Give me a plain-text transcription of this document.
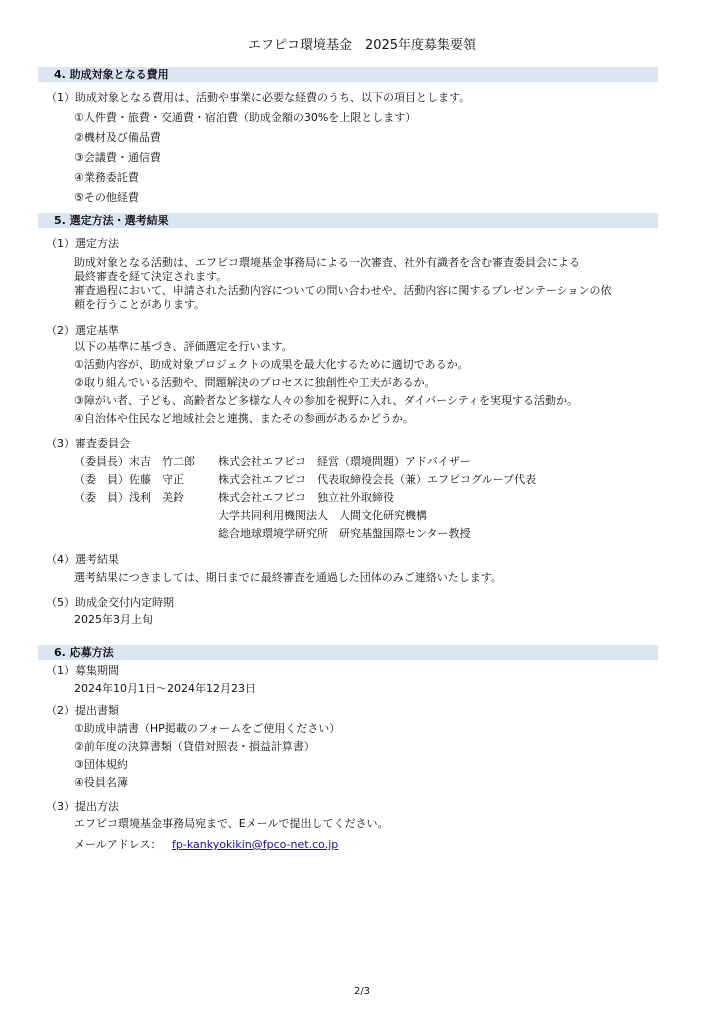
エフピコ環境基金　2025年度募集要領
4. 助成対象となる費用
（1）助成対象となる費用は、活動や事業に必要な経費のうち、以下の項目とします。
①人件費・旅費・交通費・宿泊費（助成金額の30%を上限とします）
②機材及び備品費
③会議費・通信費
④業務委託費
⑤その他経費
5. 選定方法・選考結果
（1）選定方法
助成対象となる活動は、エフピコ環境基金事務局による一次審査、社外有識者を含む審査委員会による
最終審査を経て決定されます。
審査過程において、申請された活動内容についての問い合わせや、活動内容に関するプレゼンテーションの依
頼を行うことがあります。
（2）選定基準
以下の基準に基づき、評価選定を行います。
①活動内容が、助成対象プロジェクトの成果を最大化するために適切であるか。
②取り組んでいる活動や、問題解決のプロセスに独創性や工夫があるか。
③障がい者、子ども、高齢者など多様な人々の参加を視野に入れ、ダイバーシティを実現する活動か。
④自治体や住民など地域社会と連携、またその参画があるかどうか。
（3）審査委員会
（委員長）末吉　竹二郎 株式会社エフピコ　経営（環境問題）アドバイザー
（委　員）佐藤　守正	株式会社エフピコ　代表取締役会長（兼）エフピコグループ代表
（委　員）浅利　美鈴	株式会社エフピコ　独立社外取締役
大学共同利用機関法人　人間文化研究機構
総合地球環境学研究所　研究基盤国際センター教授
（4）選考結果
選考結果につきましては、期日までに最終審査を通過した団体のみご連絡いたします。
（5）助成金交付内定時期
2025年3月上旬
6. 応募方法
（1）募集期間
2024年10月1日～2024年12月23日
（2）提出書類
①助成申請書（HP掲載のフォームをご使用ください）
②前年度の決算書類（貸借対照表・損益計算書）
③団体規約
④役員名簿
（3）提出方法
エフピコ環境基金事務局宛まで、Eメールで提出してください。
メールアドレス： fp-kankyokikin@fpco-net.co.jp
2/3
